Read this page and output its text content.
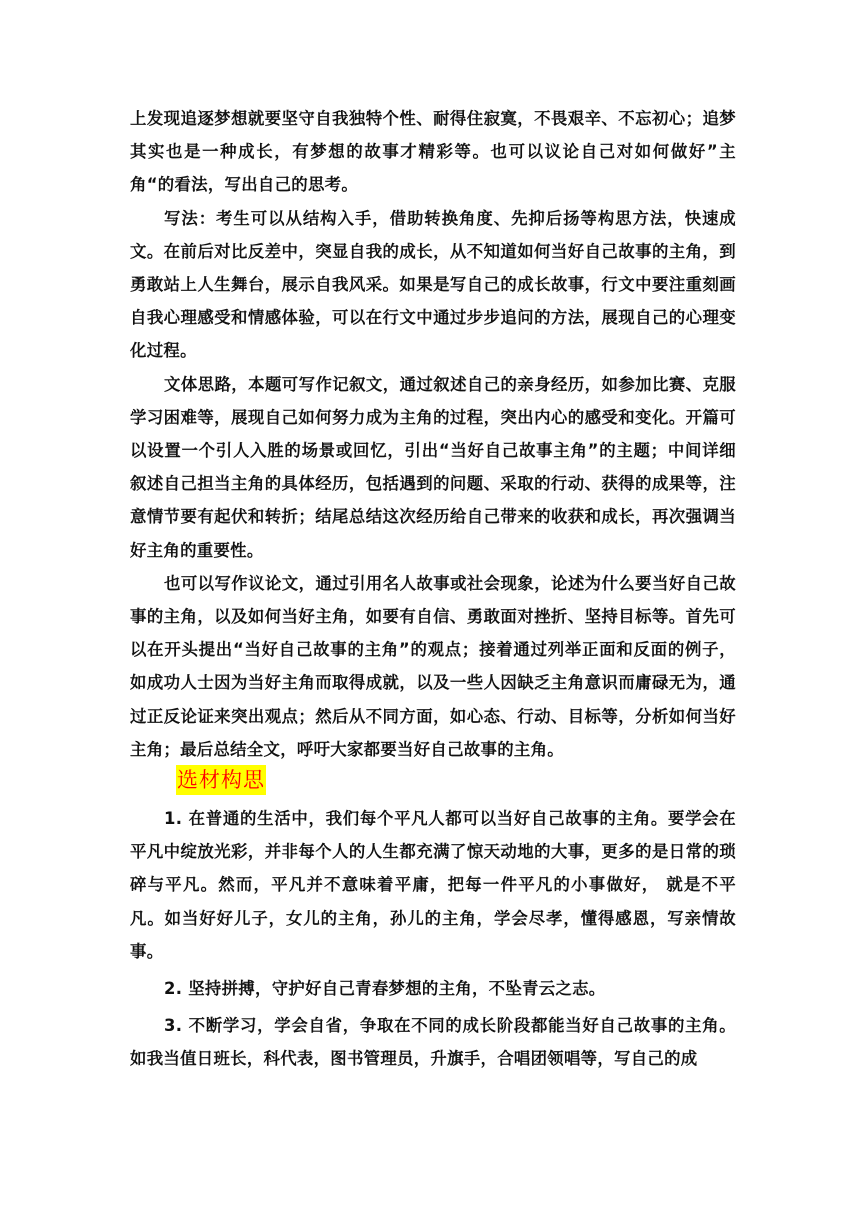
上发现追逐梦想就要坚守自我独特个性、耐得住寂寞，不畏艰辛、不忘初心；追梦其实也是一种成长，有梦想的故事才精彩等。也可以议论自己对如何做好”主角“的看法，写出自己的思考。

写法：考生可以从结构入手，借助转换角度、先抑后扬等构思方法，快速成文。在前后对比反差中，突显自我的成长，从不知道如何当好自己故事的主角，到勇敢站上人生舞台，展示自我风采。如果是写自己的成长故事，行文中要注重刻画自我心理感受和情感体验，可以在行文中通过步步追问的方法，展现自己的心理变化过程。

文体思路，本题可写作记叙文，通过叙述自己的亲身经历，如参加比赛、克服学习困难等，展现自己如何努力成为主角的过程，突出内心的感受和变化。开篇可以设置一个引人入胜的场景或回忆，引出“当好自己故事主角”的主题；中间详细叙述自己担当主角的具体经历，包括遇到的问题、采取的行动、获得的成果等，注意情节要有起伏和转折；结尾总结这次经历给自己带来的收获和成长，再次强调当好主角的重要性。

也可以写作议论文，通过引用名人故事或社会现象，论述为什么要当好自己故事的主角，以及如何当好主角，如要有自信、勇敢面对挫折、坚持目标等。首先可以在开头提出“当好自己故事的主角”的观点；接着通过列举正面和反面的例子，如成功人士因为当好主角而取得成就，以及一些人因缺乏主角意识而庸碌无为，通过正反论证来突出观点；然后从不同方面，如心态、行动、目标等，分析如何当好主角；最后总结全文，呼吁大家都要当好自己故事的主角。

选材构思

1. 在普通的生活中，我们每个平凡人都可以当好自己故事的主角。要学会在平凡中绽放光彩，并非每个人的人生都充满了惊天动地的大事，更多的是日常的琐碎与平凡。然而，平凡并不意味着平庸，把每一件平凡的小事做好， 就是不平凡。如当好好儿子，女儿的主角，孙儿的主角，学会尽孝，懂得感恩，写亲情故事。

2. 坚持拼搏，守护好自己青春梦想的主角，不坠青云之志。

3. 不断学习，学会自省，争取在不同的成长阶段都能当好自己故事的主角。如我当值日班长，科代表，图书管理员，升旗手，合唱团领唱等，写自己的成
